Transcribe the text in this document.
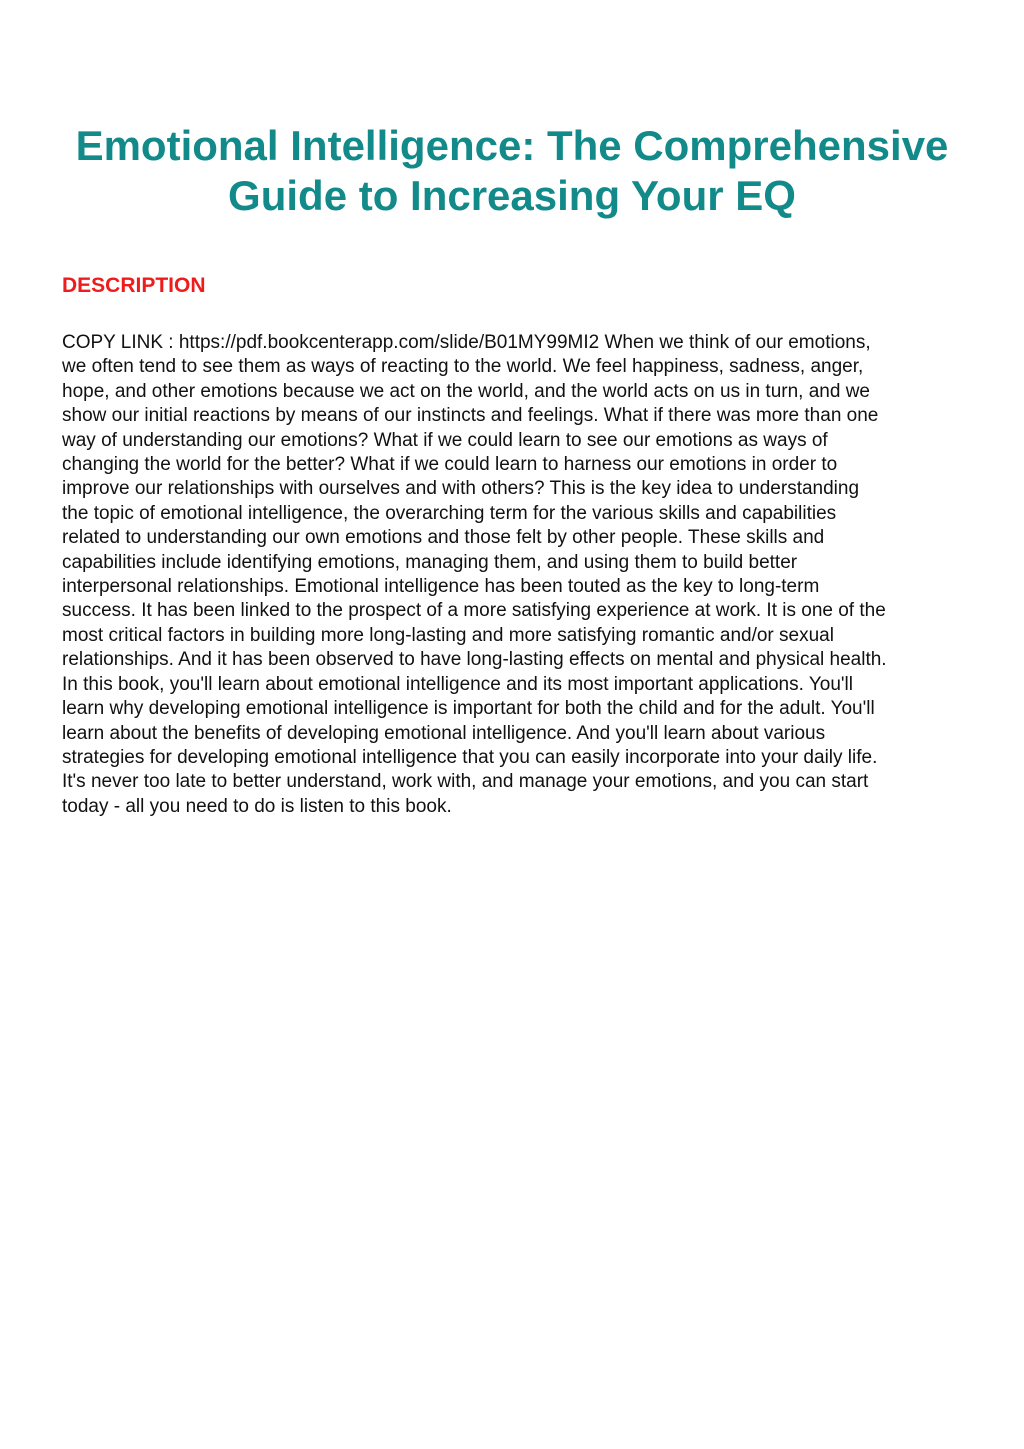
Emotional Intelligence: The Comprehensive Guide to Increasing Your EQ
DESCRIPTION

COPY LINK : https://pdf.bookcenterapp.com/slide/B01MY99MI2 When we think of our emotions,
we often tend to see them as ways of reacting to the world. We feel happiness, sadness, anger,
hope, and other emotions because we act on the world, and the world acts on us in turn, and we
show our initial reactions by means of our instincts and feelings. What if there was more than one
way of understanding our emotions? What if we could learn to see our emotions as ways of
changing the world for the better? What if we could learn to harness our emotions in order to
improve our relationships with ourselves and with others? This is the key idea to understanding
the topic of emotional intelligence, the overarching term for the various skills and capabilities
related to understanding our own emotions and those felt by other people. These skills and
capabilities include identifying emotions, managing them, and using them to build better
interpersonal relationships. Emotional intelligence has been touted as the key to long-term
success. It has been linked to the prospect of a more satisfying experience at work. It is one of the
most critical factors in building more long-lasting and more satisfying romantic and/or sexual
relationships. And it has been observed to have long-lasting effects on mental and physical health.
In this book, you'll learn about emotional intelligence and its most important applications. You'll
learn why developing emotional intelligence is important for both the child and for the adult. You'll
learn about the benefits of developing emotional intelligence. And you'll learn about various
strategies for developing emotional intelligence that you can easily incorporate into your daily life.
It's never too late to better understand, work with, and manage your emotions, and you can start
today - all you need to do is listen to this book.
